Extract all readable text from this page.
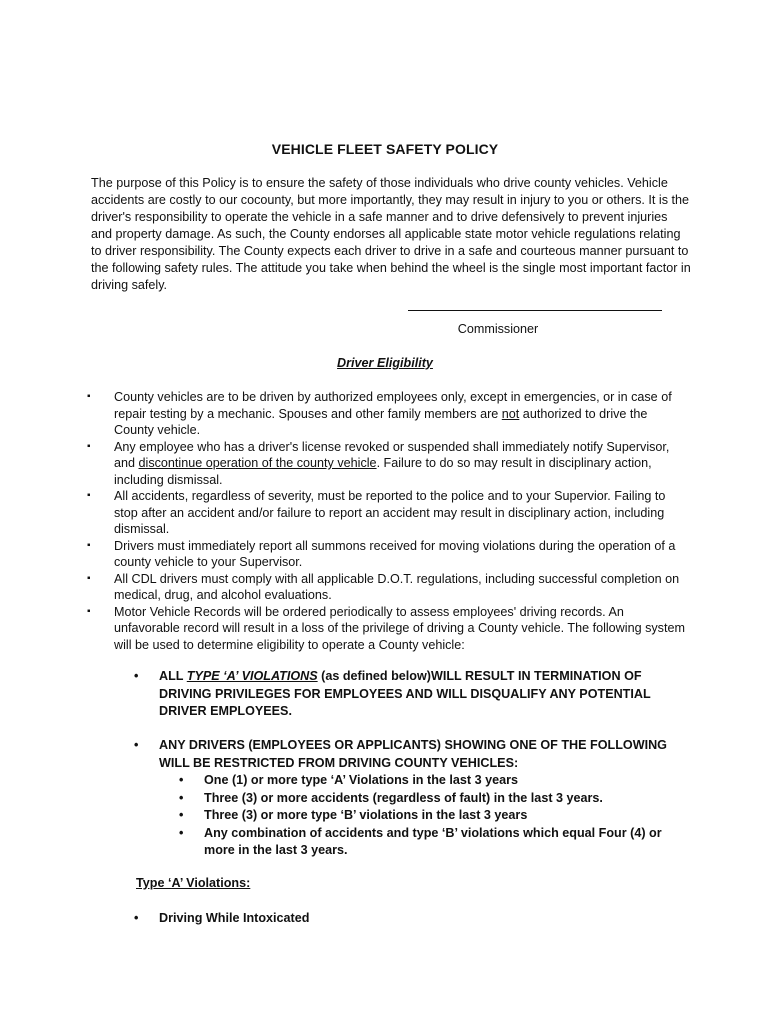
VEHICLE FLEET SAFETY POLICY
The purpose of this Policy is to ensure the safety of those individuals who drive county vehicles. Vehicle accidents are costly to our cocounty, but more importantly, they may result in injury to you or others. It is the driver's responsibility to operate the vehicle in a safe manner and to drive defensively to prevent injuries and property damage. As such, the County endorses all applicable state motor vehicle regulations relating to driver responsibility. The County expects each driver to drive in a safe and courteous manner pursuant to the following safety rules. The attitude you take when behind the wheel is the single most important factor in driving safely.
Commissioner
Driver Eligibility
▪ County vehicles are to be driven by authorized employees only, except in emergencies, or in case of repair testing by a mechanic. Spouses and other family members are not authorized to drive the County vehicle.
▪ Any employee who has a driver's license revoked or suspended shall immediately notify Supervisor, and discontinue operation of the county vehicle. Failure to do so may result in disciplinary action, including dismissal.
▪ All accidents, regardless of severity, must be reported to the police and to your Supervior. Failing to stop after an accident and/or failure to report an accident may result in disciplinary action, including dismissal.
▪ Drivers must immediately report all summons received for moving violations during the operation of a county vehicle to your Supervisor.
▪ All CDL drivers must comply with all applicable D.O.T. regulations, including successful completion on medical, drug, and alcohol evaluations.
▪ Motor Vehicle Records will be ordered periodically to assess employees' driving records. An unfavorable record will result in a loss of the privilege of driving a County vehicle. The following system will be used to determine eligibility to operate a County vehicle:
• ALL TYPE ‘A’ VIOLATIONS (as defined below)WILL RESULT IN TERMINATION OF DRIVING PRIVILEGES FOR EMPLOYEES AND WILL DISQUALIFY ANY POTENTIAL DRIVER EMPLOYEES.
• ANY DRIVERS (EMPLOYEES OR APPLICANTS) SHOWING ONE OF THE FOLLOWING WILL BE RESTRICTED FROM DRIVING COUNTY VEHICLES:
• One (1) or more type ‘A’ Violations in the last 3 years
• Three (3) or more accidents (regardless of fault) in the last 3 years.
• Three (3) or more type ‘B’ violations in the last 3 years
• Any combination of accidents and type ‘B’ violations which equal Four (4) or more in the last 3 years.
Type ‘A’ Violations:
• Driving While Intoxicated
